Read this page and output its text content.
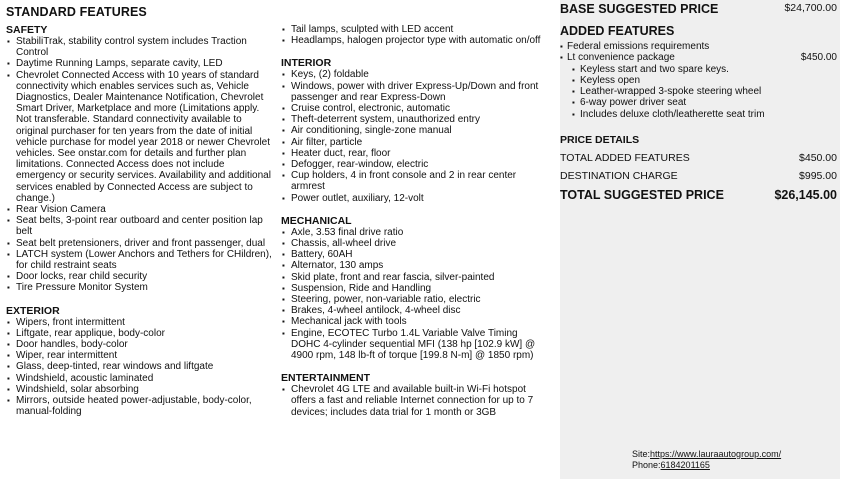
STANDARD FEATURES
SAFETY
▪ StabiliTrak, stability control system includes Traction Control
▪ Daytime Running Lamps, separate cavity, LED
▪ Chevrolet Connected Access with 10 years of standard connectivity which enables services such as, Vehicle Diagnostics, Dealer Maintenance Notification, Chevrolet Smart Driver, Marketplace and more (Limitations apply. Not transferable. Standard connectivity available to original purchaser for ten years from the date of initial vehicle purchase for model year 2018 or newer Chevrolet vehicles. See onstar.com for details and further plan limitations. Connected Access does not include emergency or security services. Availability and additional services enabled by Connected Access are subject to change.)
▪ Rear Vision Camera
▪ Seat belts, 3-point rear outboard and center position lap belt
▪ Seat belt pretensioners, driver and front passenger, dual
▪ LATCH system (Lower Anchors and Tethers for CHildren), for child restraint seats
▪ Door locks, rear child security
▪ Tire Pressure Monitor System
EXTERIOR
▪ Wipers, front intermittent
▪ Liftgate, rear applique, body-color
▪ Door handles, body-color
▪ Wiper, rear intermittent
▪ Glass, deep-tinted, rear windows and liftgate
▪ Windshield, acoustic laminated
▪ Windshield, solar absorbing
▪ Mirrors, outside heated power-adjustable, body-color, manual-folding
▪ Tail lamps, sculpted with LED accent
▪ Headlamps, halogen projector type with automatic on/off
INTERIOR
▪ Keys, (2) foldable
▪ Windows, power with driver Express-Up/Down and front passenger and rear Express-Down
▪ Cruise control, electronic, automatic
▪ Theft-deterrent system, unauthorized entry
▪ Air conditioning, single-zone manual
▪ Air filter, particle
▪ Heater duct, rear, floor
▪ Defogger, rear-window, electric
▪ Cup holders, 4 in front console and 2 in rear center armrest
▪ Power outlet, auxiliary, 12-volt
MECHANICAL
▪ Axle, 3.53 final drive ratio
▪ Chassis, all-wheel drive
▪ Battery, 60AH
▪ Alternator, 130 amps
▪ Skid plate, front and rear fascia, silver-painted
▪ Suspension, Ride and Handling
▪ Steering, power, non-variable ratio, electric
▪ Brakes, 4-wheel antilock, 4-wheel disc
▪ Mechanical jack with tools
▪ Engine, ECOTEC Turbo 1.4L Variable Valve Timing DOHC 4-cylinder sequential MFI (138 hp [102.9 kW] @ 4900 rpm, 148 lb-ft of torque [199.8 N-m] @ 1850 rpm)
ENTERTAINMENT
▪ Chevrolet 4G LTE and available built-in Wi-Fi hotspot offers a fast and reliable Internet connection for up to 7 devices; includes data trial for 1 month or 3GB
BASE SUGGESTED PRICE	$24,700.00
ADDED FEATURES
▪ Federal emissions requirements
▪ Lt convenience package	$450.00
▪ Keyless start and two spare keys.
▪ Keyless open
▪ Leather-wrapped 3-spoke steering wheel
▪ 6-way power driver seat
▪ Includes deluxe cloth/leatherette seat trim
PRICE DETAILS
TOTAL ADDED FEATURES	$450.00
DESTINATION CHARGE	$995.00
TOTAL SUGGESTED PRICE	$26,145.00
Site:https://www.lauraautogroup.com/
Phone:6184201165
